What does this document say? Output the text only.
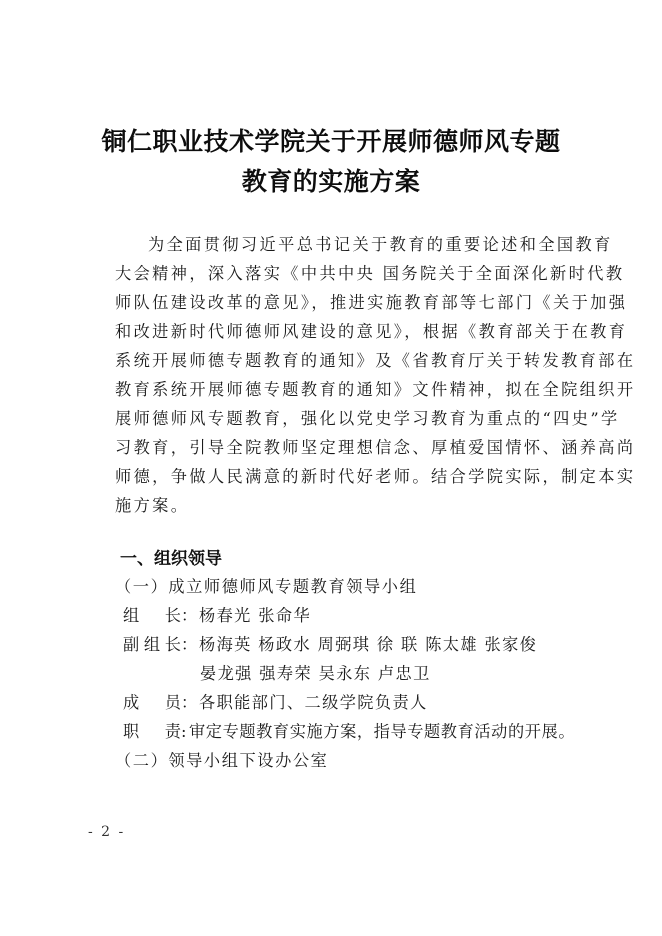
铜仁职业技术学院关于开展师德师风专题
教育的实施方案
为全面贯彻习近平总书记关于教育的重要论述和全国教育
大会精神，深入落实《中共中央 国务院关于全面深化新时代教
师队伍建设改革的意见》，推进实施教育部等七部门《关于加强
和改进新时代师德师风建设的意见》，根据《教育部关于在教育
系统开展师德专题教育的通知》及《省教育厅关于转发教育部在
教育系统开展师德专题教育的通知》文件精神，拟在全院组织开
展师德师风专题教育，强化以党史学习教育为重点的“四史”学
习教育，引导全院教师坚定理想信念、厚植爱国情怀、涵养高尚
师德，争做人民满意的新时代好老师。结合学院实际，制定本实
施方案。
一、组织领导
（一）成立师德师风专题教育领导小组
组长 ： 杨春光 张命华
副组长 ： 杨海英 杨政水 周弼琪 徐 联 陈太雄 张家俊
晏龙强 强寿荣 吴永东 卢忠卫
成员 ： 各职能部门、二级学院负责人
职责 : 审定专题教育实施方案，指导专题教育活动的开展。
（二）领导小组下设办公室
- 2 -
